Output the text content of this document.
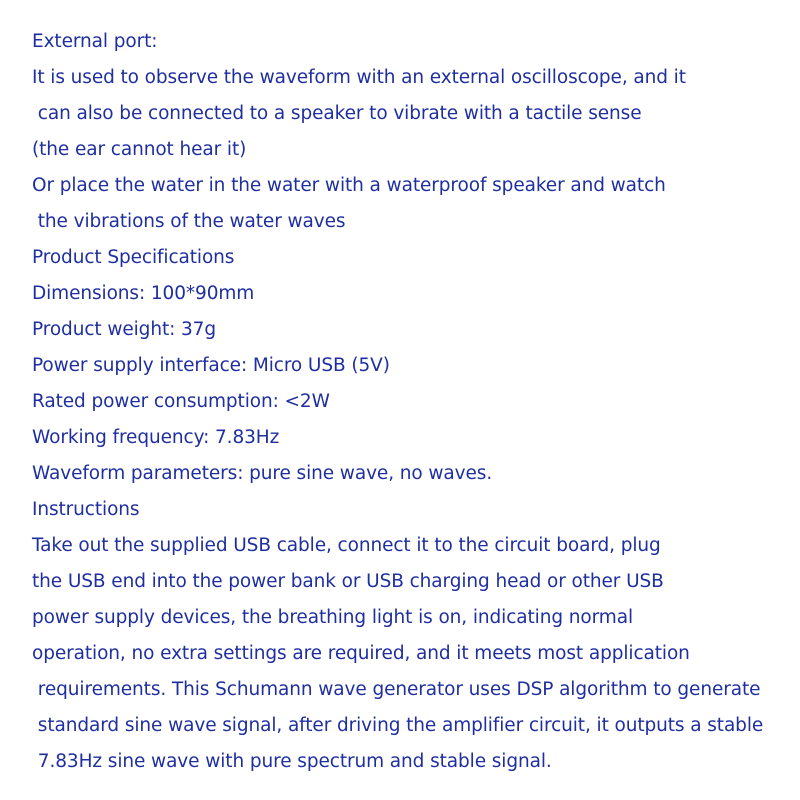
External port:
It is used to observe the waveform with an external oscilloscope, and it
can also be connected to a speaker to vibrate with a tactile sense
(the ear cannot hear it)
Or place the water in the water with a waterproof speaker and watch
the vibrations of the water waves
Product Specifications
Dimensions: 100*90mm
Product weight: 37g
Power supply interface: Micro USB (5V)
Rated power consumption: <2W
Working frequency: 7.83Hz
Waveform parameters: pure sine wave, no waves.
Instructions
Take out the supplied USB cable, connect it to the circuit board, plug
the USB end into the power bank or USB charging head or other USB
power supply devices, the breathing light is on, indicating normal
operation, no extra settings are required, and it meets most application
requirements. This Schumann wave generator uses DSP algorithm to generate
standard sine wave signal, after driving the amplifier circuit, it outputs a stable
7.83Hz sine wave with pure spectrum and stable signal.
